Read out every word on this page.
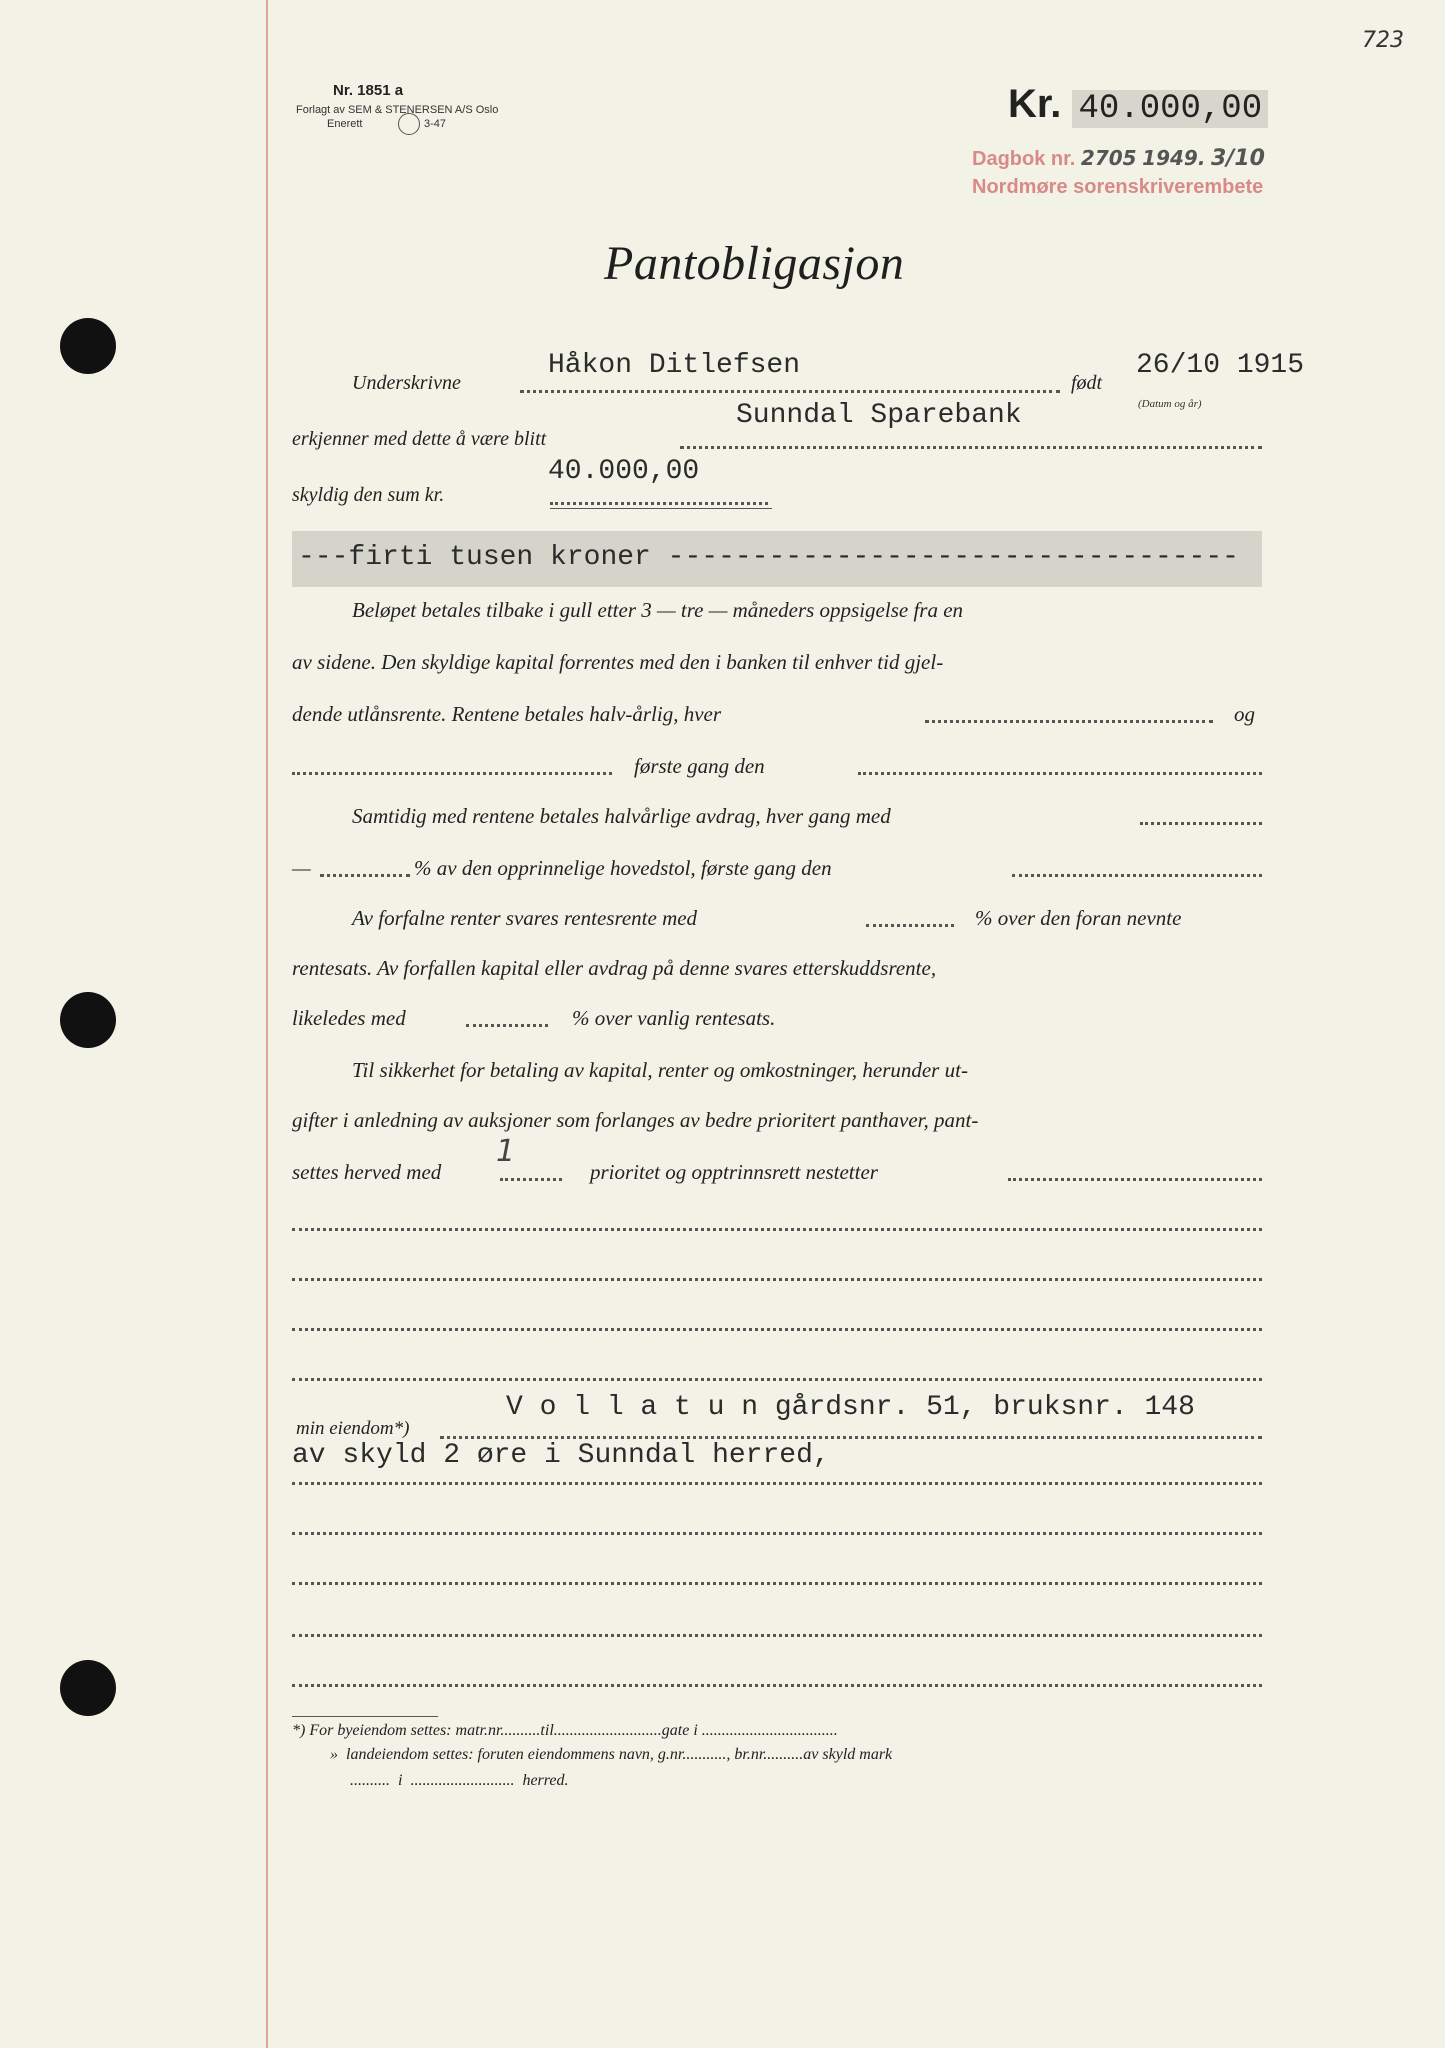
723
Nr. 1851 a
Forlagt av SEM & STENERSEN A/S Oslo
Enerett	3-47	Kr. 40.000,00
Dagbok nr. 2705 1949. 3/10
Nordmøre sorenskriverembete
Pantobligasjon
Underskrivne
Håkon Ditlefsen
født
26/10 1915
(Datum og år)
erkjenner med dette å være blitt
Sunndal Sparebank
skyldig den sum kr.
40.000,00
---firti tusen kroner ----------------------------------
Beløpet betales tilbake i gull etter 3 — tre — måneders oppsigelse fra en
av sidene. Den skyldige kapital forrentes med den i banken til enhver tid gjel-
dende utlånsrente. Rentene betales halv-årlig, hver	og
første gang den
Samtidig med rentene betales halvårlige avdrag, hver gang med
—	% av den opprinnelige hovedstol, første gang den
Av forfalne renter svares rentesrente med	% over den foran nevnte
rentesats. Av forfallen kapital eller avdrag på denne svares etterskuddsrente,
likeledes med	% over vanlig rentesats.
Til sikkerhet for betaling av kapital, renter og omkostninger, herunder ut-
gifter i anledning av auksjoner som forlanges av bedre prioritert panthaver, pant-
settes herved med
1
prioritet og opptrinnsrett nestetter
min eiendom*)
V o l l a t u n gårdsnr. 51, bruksnr. 148
av skyld 2 øre i Sunndal herred,
*) For byeiendom settes: matr.nr..........til...........................gate i ..................................
» landeiendom settes: foruten eiendommens navn, g.nr..........., br.nr..........av skyld mark
..........  i  ..........................  herred.
